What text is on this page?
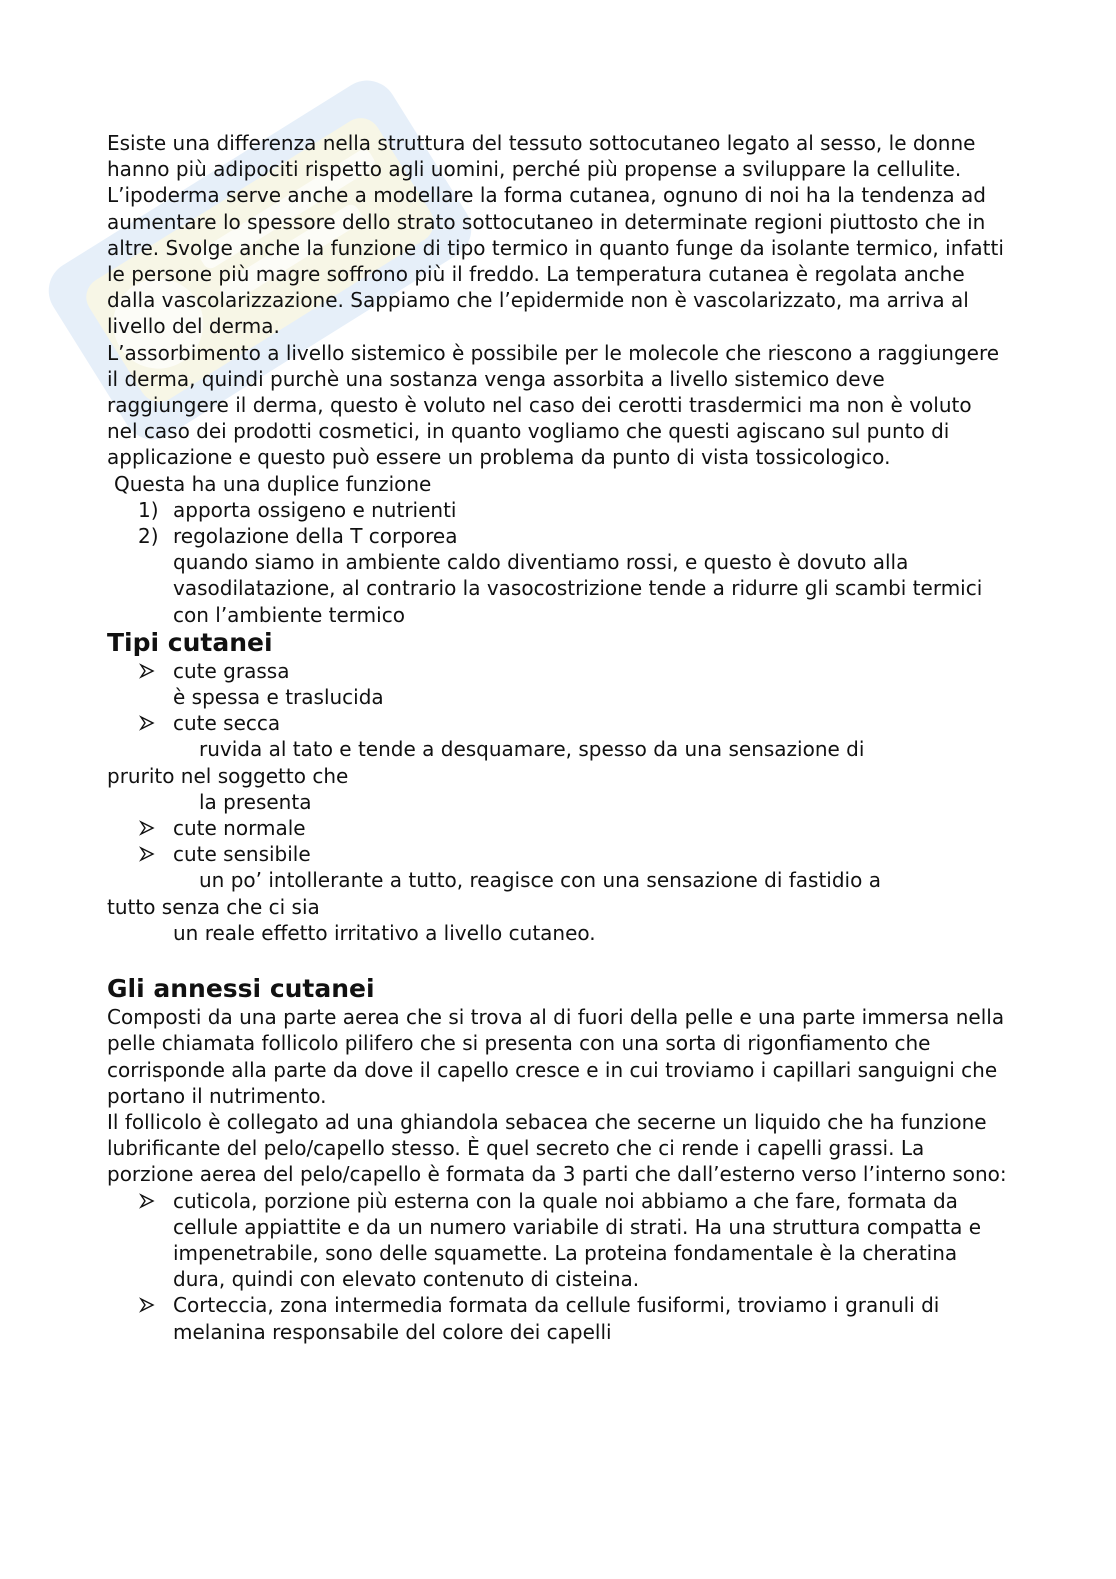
Esiste una differenza nella struttura del tessuto sottocutaneo legato al sesso, le donne hanno più adipociti rispetto agli uomini, perché più propense a sviluppare la cellulite.

L’ipoderma serve anche a modellare la forma cutanea, ognuno di noi ha la tendenza ad aumentare lo spessore dello strato sottocutaneo in determinate regioni piuttosto che in altre. Svolge anche la funzione di tipo termico in quanto funge da isolante termico, infatti le persone più magre soffrono più il freddo. La temperatura cutanea è regolata anche dalla vascolarizzazione. Sappiamo che l’epidermide non è vascolarizzato, ma arriva al livello del derma.

L’assorbimento a livello sistemico è possibile per le molecole che riescono a raggiungere il derma, quindi purchè una sostanza venga assorbita a livello sistemico deve raggiungere il derma, questo è voluto nel caso dei cerotti trasdermici ma non è voluto nel caso dei prodotti cosmetici, in quanto vogliamo che questi agiscano sul punto di applicazione e questo può essere un problema da punto di vista tossicologico.

Questa ha una duplice funzione

1) apporta ossigeno e nutrienti
2) regolazione della T corporea

quando siamo in ambiente caldo diventiamo rossi, e questo è dovuto alla vasodilatazione, al contrario la vasocostrizione tende a ridurre gli scambi termici con l’ambiente termico

Tipi cutanei
cute grassa

è spessa e traslucida

cute secca

ruvida al tato e tende a desquamare, spesso da una sensazione di

prurito nel soggetto che

la presenta

cute normale
cute sensibile

un po’ intollerante a tutto, reagisce con una sensazione di fastidio a

tutto senza che ci sia

un reale effetto irritativo a livello cutaneo.

Gli annessi cutanei

Composti da una parte aerea che si trova al di fuori della pelle e una parte immersa nella pelle chiamata follicolo pilifero che si presenta con una sorta di rigonfiamento che corrisponde alla parte da dove il capello cresce e in cui troviamo i capillari sanguigni che portano il nutrimento.

Il follicolo è collegato ad una ghiandola sebacea che secerne un liquido che ha funzione lubrificante del pelo/capello stesso. È quel secreto che ci rende i capelli grassi. La porzione aerea del pelo/capello è formata da 3 parti che dall’esterno verso l’interno sono:

cuticola, porzione più esterna con la quale noi abbiamo a che fare, formata da cellule appiattite e da un numero variabile di strati. Ha una struttura compatta e impenetrabile, sono delle squamette. La proteina fondamentale è la cheratina dura, quindi con elevato contenuto di cisteina.
Corteccia, zona intermedia formata da cellule fusiformi, troviamo i granuli di melanina responsabile del colore dei capelli
